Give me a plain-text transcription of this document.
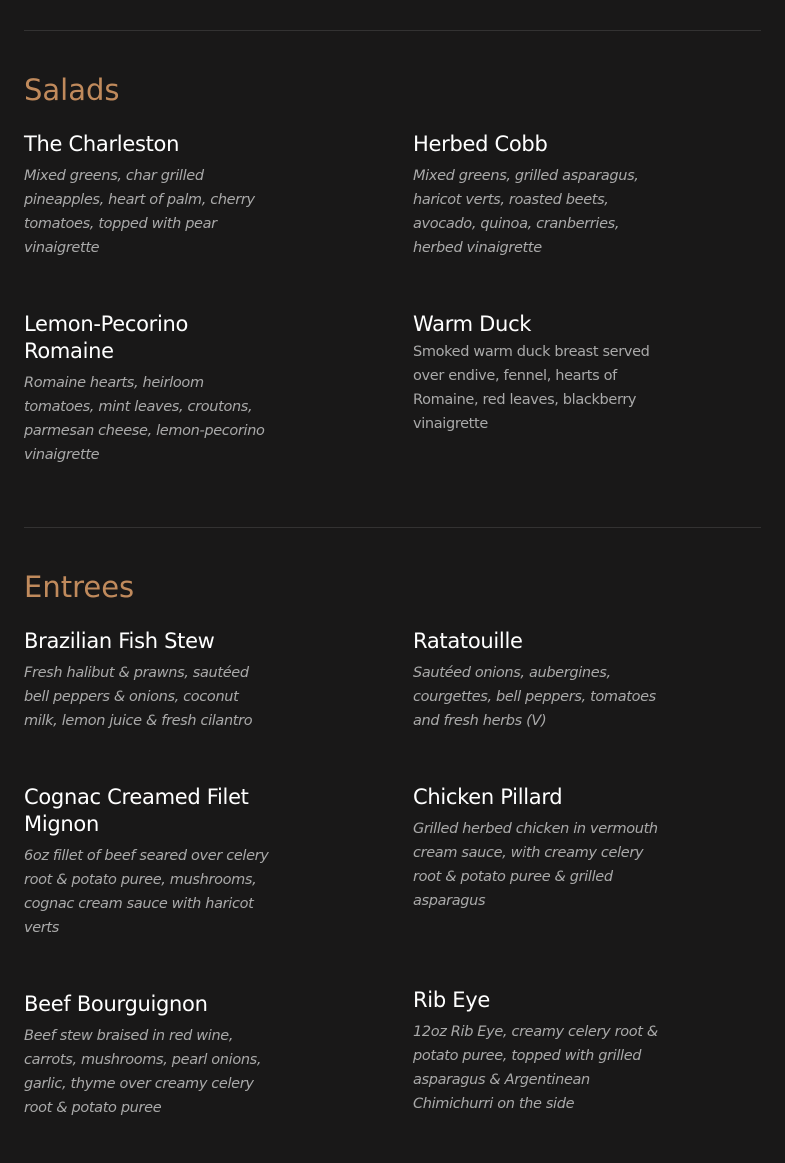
Salads
The Charleston

Mixed greens, char grilled pineapples, heart of palm, cherry tomatoes, topped with pear vinaigrette

Herbed Cobb

Mixed greens, grilled asparagus, haricot verts, roasted beets, avocado, quinoa, cranberries, herbed vinaigrette

Lemon-Pecorino Romaine

Romaine hearts, heirloom tomatoes, mint leaves, croutons, parmesan cheese, lemon-pecorino vinaigrette

Warm Duck

Smoked warm duck breast served over endive, fennel, hearts of Romaine, red leaves, blackberry vinaigrette

Entrees
Brazilian Fish Stew

Fresh halibut & prawns, sautéed bell peppers & onions, coconut milk, lemon juice & fresh cilantro

Ratatouille

Sautéed onions, aubergines, courgettes, bell peppers, tomatoes and fresh herbs (V)

Cognac Creamed Filet Mignon

6oz fillet of beef seared over celery root & potato puree, mushrooms, cognac cream sauce with haricot verts

Chicken Pillard

Grilled herbed chicken in vermouth cream sauce, with creamy celery root & potato puree & grilled asparagus

Beef Bourguignon

Beef stew braised in red wine, carrots, mushrooms, pearl onions, garlic, thyme over creamy celery root & potato puree

Rib Eye

12oz Rib Eye, creamy celery root & potato puree, topped with grilled asparagus & Argentinean Chimichurri on the side
